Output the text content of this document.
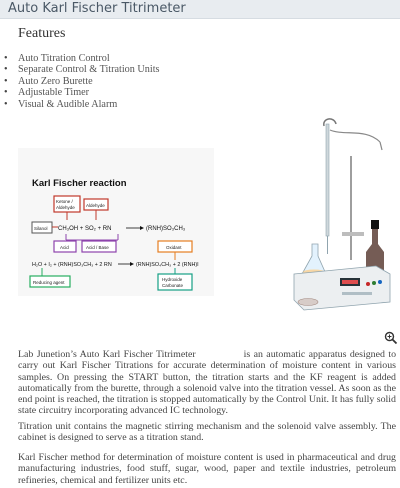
Auto Karl Fischer Titrimeter
Features
• Auto Titration Control
• Separate Control & Titration Units
• Auto Zero Burette
• Adjustable Timer
• Visual & Audible Alarm
Karl Fischer reaction
Ketone /
Aldehyde Aldehyde
Silanol CH₃OH + SO₂ + RN	(RNH)SO₃CH₃
Acid	Acid / Base	Oxidant
H₂O + I₂ + (RNH)SO₃CH₃ + 2 RN	(RNH)SO₄CH₃ + 2 (RNH)I
Reducing agent
Hydroxide
Carbonate

Lab Junetion’s Auto Karl Fischer Titrimeter	is an automatic apparatus designed to carry out Karl Fischer Titrations for accurate determination of moisture content in various samples. On pressing the START button, the titration starts and the KF reagent is added automatically from the burette, through a solenoid valve into the titration vessel. As soon as the end point is reached, the titration is stopped automatically by the Control Unit. It has fully solid state circuitry incorporating advanced IC technology.

Titration unit contains the magnetic stirring mechanism and the solenoid valve assembly. The cabinet is designed to serve as a titration stand.

Karl Fischer method for determination of moisture content is used in pharmaceutical and drug manufacturing industries, food stuff, sugar, wood, paper and textile industries, petroleum refineries, chemical and fertilizer units etc.
